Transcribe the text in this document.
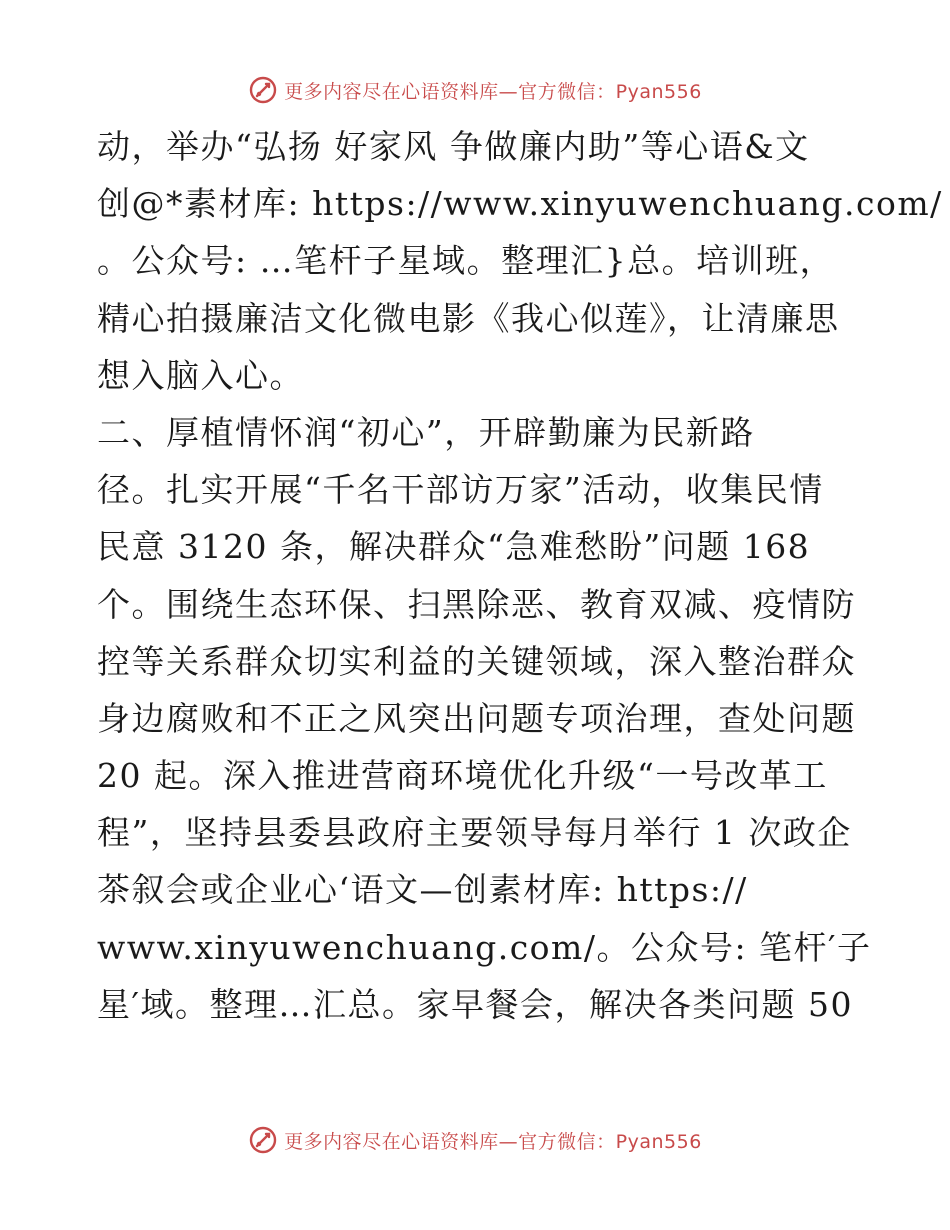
更多内容尽在心语资料库—官方微信：Pyan556
动，举办“弘扬 好家风 争做廉内助”等心语&文
创@*素材库: https://www.xinyuwenchuang.com/
。公众号: …笔杆子星域。整理汇}总。培训班，
精心拍摄廉洁文化微电影《我心似莲》，让清廉思
想入脑入心。
二、厚植情怀润“初心”，开辟勤廉为民新路
径。扎实开展“千名干部访万家”活动，收集民情
民意 3120 条，解决群众“急难愁盼”问题 168
个。围绕生态环保、扫黑除恶、教育双减、疫情防
控等关系群众切实利益的关键领域，深入整治群众
身边腐败和不正之风突出问题专项治理，查处问题
20 起。深入推进营商环境优化升级“一号改革工
程”，坚持县委县政府主要领导每月举行 1 次政企
茶叙会或企业心‘语文—创素材库: https://
www.xinyuwenchuang.com/。公众号: 笔杆′子
星′域。整理…汇总。家早餐会，解决各类问题 50
更多内容尽在心语资料库—官方微信：Pyan556
